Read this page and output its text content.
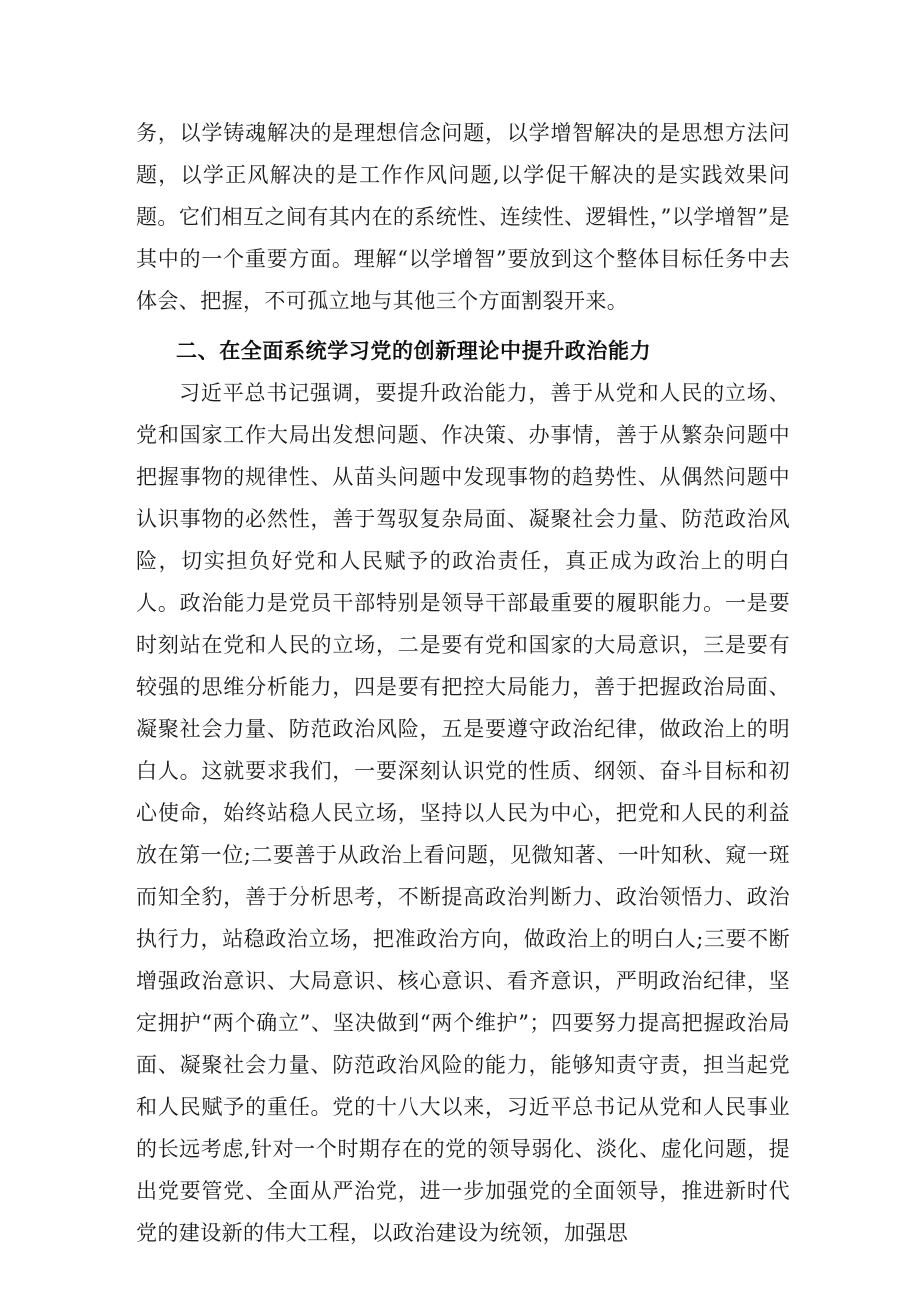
务，以学铸魂解决的是理想信念问题，以学增智解决的是思想方法问题，以学正风解决的是工作作风问题,以学促干解决的是实践效果问题。它们相互之间有其内在的系统性、连续性、逻辑性，”以学增智”是其中的一个重要方面。理解“以学增智”要放到这个整体目标任务中去体会、把握，不可孤立地与其他三个方面割裂开来。

二、在全面系统学习党的创新理论中提升政治能力

习近平总书记强调，要提升政治能力，善于从党和人民的立场、党和国家工作大局出发想问题、作决策、办事情，善于从繁杂问题中把握事物的规律性、从苗头问题中发现事物的趋势性、从偶然问题中认识事物的必然性，善于驾驭复杂局面、凝聚社会力量、防范政治风险，切实担负好党和人民赋予的政治责任，真正成为政治上的明白人。政治能力是党员干部特别是领导干部最重要的履职能力。一是要时刻站在党和人民的立场，二是要有党和国家的大局意识，三是要有较强的思维分析能力，四是要有把控大局能力，善于把握政治局面、凝聚社会力量、防范政治风险，五是要遵守政治纪律，做政治上的明白人。这就要求我们，一要深刻认识党的性质、纲领、奋斗目标和初心使命，始终站稳人民立场，坚持以人民为中心，把党和人民的利益放在第一位;二要善于从政治上看问题，见微知著、一叶知秋、窥一斑而知全豹，善于分析思考，不断提高政治判断力、政治领悟力、政治执行力，站稳政治立场，把准政治方向，做政治上的明白人;三要不断增强政治意识、大局意识、核心意识、看齐意识，严明政治纪律，坚定拥护“两个确立”、坚决做到“两个维护”；四要努力提高把握政治局面、凝聚社会力量、防范政治风险的能力，能够知责守责，担当起党和人民赋予的重任。党的十八大以来，习近平总书记从党和人民事业的长远考虑,针对一个时期存在的党的领导弱化、淡化、虚化问题，提出党要管党、全面从严治党，进一步加强党的全面领导，推进新时代党的建设新的伟大工程，以政治建设为统领，加强思
